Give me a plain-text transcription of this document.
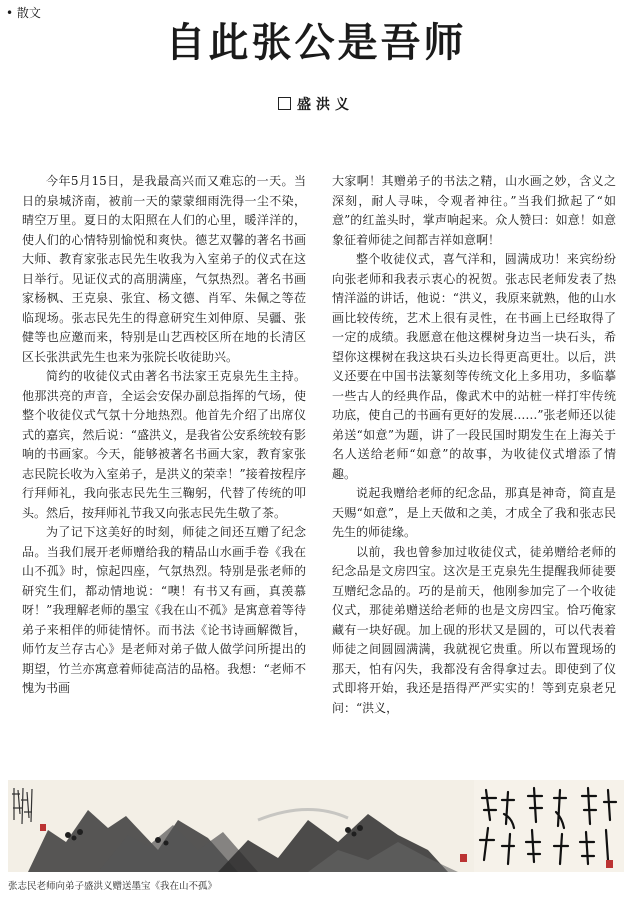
• 散文
自此张公是吾师
盛洪义

今年5月15日，是我最高兴而又难忘的一天。当日的泉城济南，被前一天的蒙蒙细雨洗得一尘不染，晴空万里。夏日的太阳照在人们的心里，暖洋洋的，使人们的心情特别愉悦和爽快。德艺双馨的著名书画大师、教育家张志民先生收我为入室弟子的仪式在这日举行。见证仪式的高朋满座，气氛热烈。著名书画家杨枫、王克泉、张宜、杨文德、肖军、朱佩之等莅临现场。张志民先生的得意研究生刘伸原、吴疆、张健等也应邀而来，特别是山艺西校区所在地的长清区区长张洪武先生也来为张院长收徒助兴。

简约的收徒仪式由著名书法家王克泉先生主持。他那洪亮的声音，全运会安保办副总指挥的气场，使整个收徒仪式气氛十分地热烈。他首先介绍了出席仪式的嘉宾，然后说：“盛洪义，是我省公安系统较有影响的书画家。今天，能够被著名书画大家，教育家张志民院长收为入室弟子，是洪义的荣幸！”接着按程序行拜师礼，我向张志民先生三鞠躬，代替了传统的叩头。然后，按拜师礼节我又向张志民先生敬了茶。

为了记下这美好的时刻，师徒之间还互赠了纪念品。当我们展开老师赠给我的精品山水画手卷《我在山不孤》时，惊起四座，气氛热烈。特别是张老师的研究生们，都动情地说：“噢！有书又有画，真羡慕呀！”我理解老师的墨宝《我在山不孤》是寓意着等待弟子来相伴的师徒情怀。而书法《论书诗画解微旨，师竹友兰存古心》是老师对弟子做人做学问所提出的期望，竹兰亦寓意着师徒高洁的品格。我想：“老师不愧为书画

大家啊！其赠弟子的书法之精，山水画之妙，含义之深刻，耐人寻味，令观者神往。”当我们掀起了“如意”的红盖头时，掌声响起来。众人赞曰：如意！如意象征着师徒之间都吉祥如意啊！

整个收徒仪式，喜气洋和，圆满成功！来宾纷纷向张老师和我表示衷心的祝贺。张志民老师发表了热情洋溢的讲话，他说：“洪义，我原来就熟，他的山水画比较传统，艺术上很有灵性，在书画上已经取得了一定的成绩。我愿意在他这棵树身边当一块石头，希望你这棵树在我这块石头边长得更高更壮。以后，洪义还要在中国书法篆刻等传统文化上多用功，多临摹一些古人的经典作品，像武术中的站桩一样打牢传统功底，使自己的书画有更好的发展……”张老师还以徒弟送“如意”为题，讲了一段民国时期发生在上海关于名人送给老师“如意”的故事，为收徒仪式增添了情趣。

说起我赠给老师的纪念品，那真是神奇，简直是天赐“如意”，是上天做和之美，才成全了我和张志民先生的师徒缘。

以前，我也曾参加过收徒仪式，徒弟赠给老师的纪念品是文房四宝。这次是王克泉先生提醒我师徒要互赠纪念品的。巧的是前天，他刚参加完了一个收徒仪式，那徒弟赠送给老师的也是文房四宝。恰巧俺家藏有一块好砚。加上砚的形状又是圆的，可以代表着师徒之间圆圆满满，我就视它贵重。所以布置现场的那天，怕有闪失，我都没有舍得拿过去。即使到了仪式即将开始，我还是捂得严严实实的！等到克泉老兄问：“洪义，

张志民老师向弟子盛洪义赠送墨宝《我在山不孤》
